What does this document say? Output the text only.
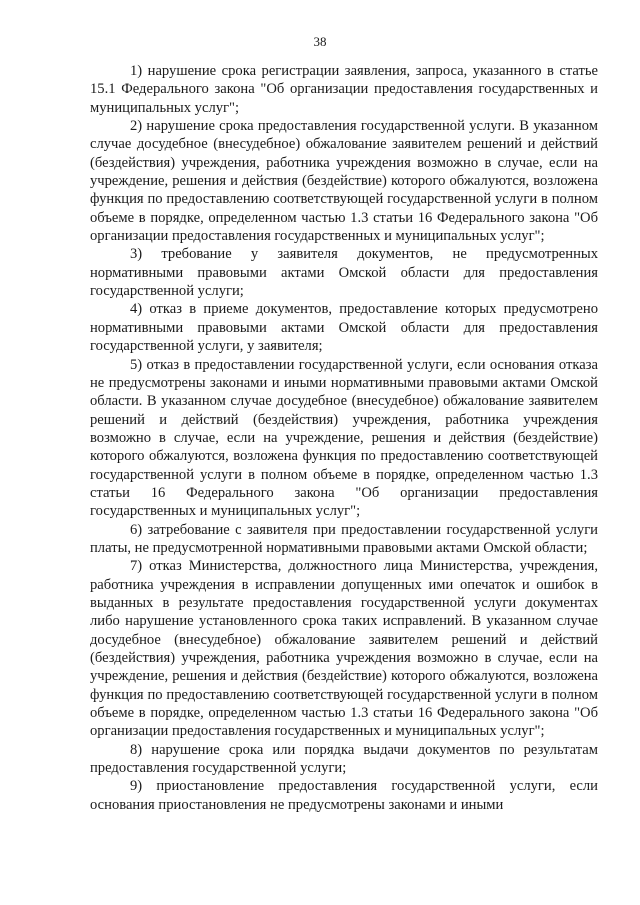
38

1) нарушение срока регистрации заявления, запроса, указанного в статье 15.1 Федерального закона "Об организации предоставления государственных и муниципальных услуг";

2) нарушение срока предоставления государственной услуги. В указанном случае досудебное (внесудебное) обжалование заявителем решений и действий (бездействия) учреждения, работника учреждения возможно в случае, если на учреждение, решения и действия (бездействие) которого обжалуются, возложена функция по предоставлению соответствующей государственной услуги в полном объеме в порядке, определенном частью 1.3 статьи 16 Федерального закона "Об организации предоставления государственных и муниципальных услуг";

3) требование у заявителя документов, не предусмотренных нормативными правовыми актами Омской области для предоставления государственной услуги;

4) отказ в приеме документов, предоставление которых предусмотрено нормативными правовыми актами Омской области для предоставления государственной услуги, у заявителя;

5) отказ в предоставлении государственной услуги, если основания отказа не предусмотрены законами и иными нормативными правовыми актами Омской области. В указанном случае досудебное (внесудебное) обжалование заявителем решений и действий (бездействия) учреждения, работника учреждения возможно в случае, если на учреждение, решения и действия (бездействие) которого обжалуются, возложена функция по предоставлению соответствующей государственной услуги в полном объеме в порядке, определенном частью 1.3 статьи 16 Федерального закона "Об организации предоставления государственных и муниципальных услуг";

6) затребование с заявителя при предоставлении государственной услуги платы, не предусмотренной нормативными правовыми актами Омской области;

7) отказ Министерства, должностного лица Министерства, учреждения, работника учреждения в исправлении допущенных ими опечаток и ошибок в выданных в результате предоставления государственной услуги документах либо нарушение установленного срока таких исправлений. В указанном случае досудебное (внесудебное) обжалование заявителем решений и действий (бездействия) учреждения, работника учреждения возможно в случае, если на учреждение, решения и действия (бездействие) которого обжалуются, возложена функция по предоставлению соответствующей государственной услуги в полном объеме в порядке, определенном частью 1.3 статьи 16 Федерального закона "Об организации предоставления государственных и муниципальных услуг";

8) нарушение срока или порядка выдачи документов по результатам предоставления государственной услуги;

9) приостановление предоставления государственной услуги, если основания приостановления не предусмотрены законами и иными
